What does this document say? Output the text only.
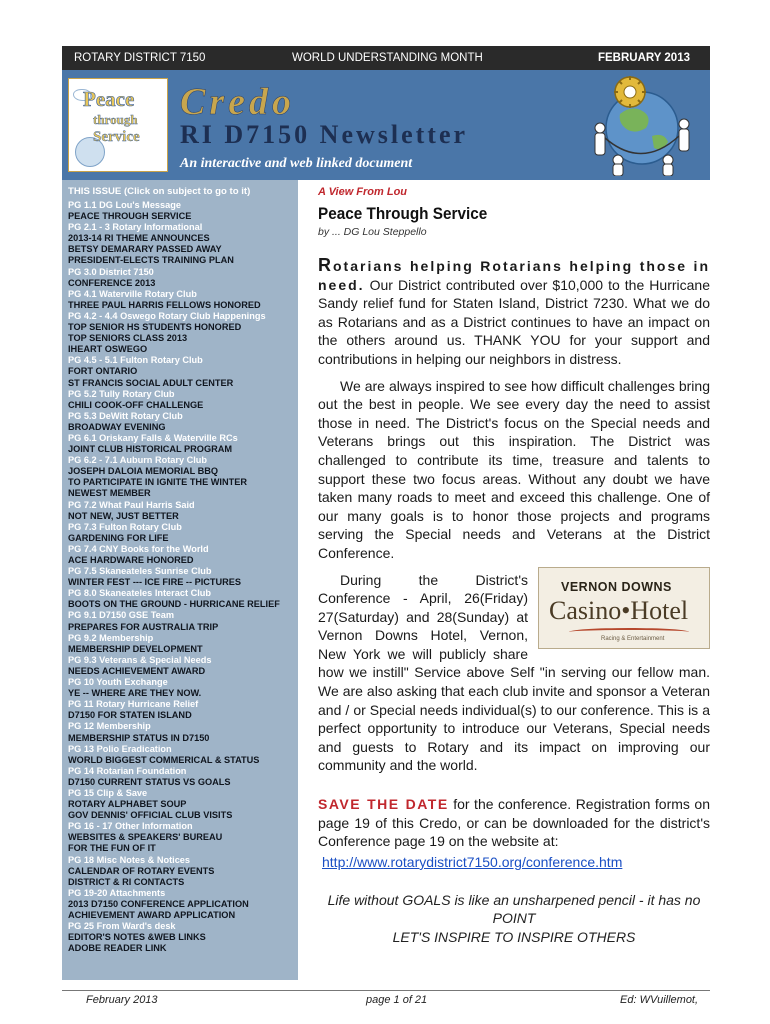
ROTARY DISTRICT 7150	WORLD UNDERSTANDING MONTH	FEBRUARY 2013
Peace
through
Service
Credo
RI D7150 Newsletter
An interactive and web linked document
THIS ISSUE (Click on subject to go to it)
PG 1.1 DG Lou's Message
PEACE THROUGH SERVICE
PG 2.1 - 3 Rotary Informational
2013-14 RI THEME ANNOUNCES
BETSY DEMARARY PASSED AWAY
PRESIDENT-ELECTS TRAINING PLAN
PG 3.0 District 7150
CONFERENCE 2013
PG 4.1 Waterville Rotary Club
THREE PAUL HARRIS FELLOWS HONORED
PG 4.2 - 4.4 Oswego Rotary Club Happenings
TOP SENIOR HS STUDENTS HONORED
TOP SENIORS CLASS 2013
IHEART OSWEGO
PG 4.5 - 5.1 Fulton Rotary Club
FORT ONTARIO
ST FRANCIS SOCIAL ADULT CENTER
PG 5.2 Tully Rotary Club
CHILI COOK-OFF CHALLENGE
PG 5.3 DeWitt Rotary Club
BROADWAY EVENING
PG 6.1 Oriskany Falls & Waterville RCs
JOINT CLUB HISTORICAL PROGRAM
PG 6.2 - 7.1 Auburn Rotary Club
JOSEPH DALOIA MEMORIAL BBQ
TO PARTICIPATE IN IGNITE THE WINTER
NEWEST MEMBER
PG 7.2 What Paul Harris Said
NOT NEW, JUST BETTER
PG 7.3 Fulton Rotary Club
GARDENING FOR LIFE
PG 7.4 CNY Books for the World
ACE HARDWARE HONORED
PG 7.5 Skaneateles Sunrise Club
WINTER FEST --- ICE FIRE -- PICTURES
PG 8.0 Skaneateles Interact Club
BOOTS ON THE GROUND - HURRICANE RELIEF
PG 9.1 D7150 GSE Team
PREPARES FOR AUSTRALIA TRIP
PG 9.2 Membership
MEMBERSHIP DEVELOPMENT
PG 9.3 Veterans & Special Needs
NEEDS ACHIEVEMENT AWARD
PG 10 Youth Exchange
YE -- WHERE ARE THEY NOW.
PG 11 Rotary Hurricane Relief
D7150 FOR STATEN ISLAND
PG 12 Membership
MEMBERSHIP STATUS IN D7150
PG 13 Polio Eradication
WORLD BIGGEST COMMERICAL & STATUS
PG 14 Rotarian Foundation
D7150 CURRENT STATUS VS GOALS
PG 15 Clip & Save
ROTARY ALPHABET SOUP
GOV DENNIS' OFFICIAL CLUB VISITS
PG 16 - 17 Other Information
WEBSITES & SPEAKERS' BUREAU
FOR THE FUN OF IT
PG 18 Misc Notes & Notices
CALENDAR OF ROTARY EVENTS
DISTRICT & RI CONTACTS
PG 19-20 Attachments
2013 D7150 CONFERENCE APPLICATION
ACHIEVEMENT AWARD APPLICATION
PG 25 From Ward's desk
EDITOR'S NOTES &WEB LINKS
ADOBE READER LINK
A View From Lou
Peace Through Service
by ... DG Lou Steppello

Rotarians helping Rotarians helping those in need. Our District contributed over $10,000 to the Hurricane Sandy relief fund for Staten Island, District 7230. What we do as Rotarians and as a District continues to have an impact on the others around us. THANK YOU for your support and contributions in helping our neighbors in distress.

We are always inspired to see how difficult challenges bring out the best in people. We see every day the need to assist those in need. The District's focus on the Special needs and Veterans brings out this inspiration. The District was challenged to contribute its time, treasure and talents to support these two focus areas. Without any doubt we have taken many roads to meet and exceed this challenge. One of our many goals is to honor those projects and programs serving the Special needs and Veterans at the District Conference.

VERNON DOWNS
Casino•Hotel
Racing & Entertainment

During the District's Conference - April, 26(Friday) 27(Saturday) and 28(Sunday) at Vernon Downs Hotel, Vernon, New York we will publicly share how we instill" Service above Self "in serving our fellow man. We are also asking that each club invite and sponsor a Veteran and / or Special needs individual(s) to our conference. This is a perfect opportunity to introduce our Veterans, Special needs and guests to Rotary and its impact on improving our community and the world.

SAVE THE DATE for the conference. Registration forms on page 19 of this Credo, or can be downloaded for the district's Conference page 19 on the website at:
http://www.rotarydistrict7150.org/conference.htm

Life without GOALS is like an unsharpened pencil - it has no POINT
LET'S INSPIRE TO INSPIRE OTHERS
February 2013	page 1 of 21	Ed: WVuillemot,
